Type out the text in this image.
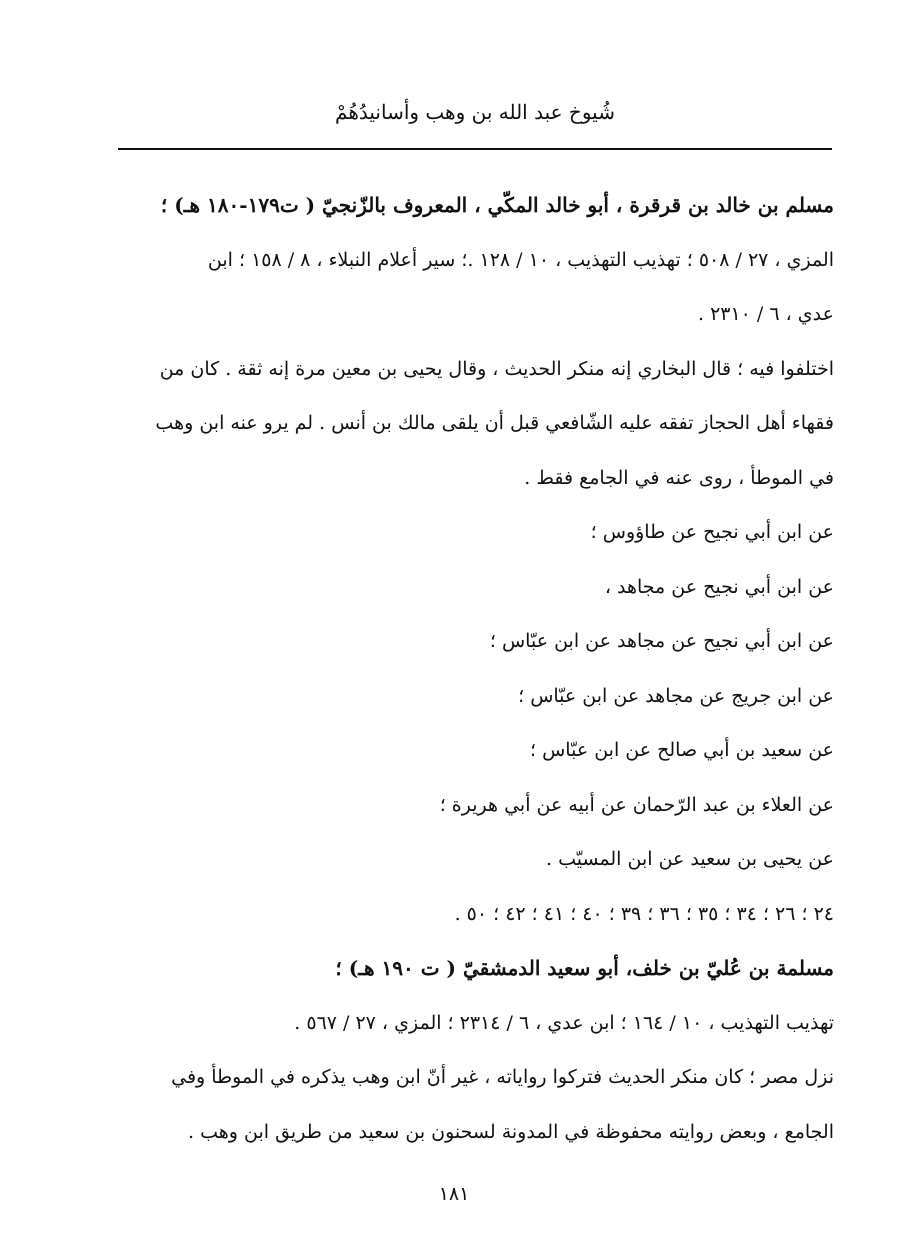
شُيوخ عبد الله بن وهب وأسانيدُهُمْ
مسلم بن خالد بن قرقرة ، أبو خالد المكّي ، المعروف بالزّنجيّ ( ت١٧٩-١٨٠ هـ) ؛
المزي ، ٢٧ / ٥٠٨ ؛ تهذيب التهذيب ، ١٠ / ١٢٨ .؛ سير أعلام النبلاء ، ٨ / ١٥٨ ؛ ابن
عدي ، ٦ / ٢٣١٠ .
اختلفوا فيه ؛ قال البخاري إنه منكر الحديث ، وقال يحيى بن معين مرة إنه ثقة . كان من
فقهاء أهل الحجاز تفقه عليه الشّافعي قبل أن يلقى مالك بن أنس . لم يرو عنه ابن وهب
في الموطأ ، روى عنه في الجامع فقط .
عن ابن أبي نجيح عن طاؤوس ؛
عن ابن أبي نجيح عن مجاهد ،
عن ابن أبي نجيح عن مجاهد عن ابن عبّاس ؛
عن ابن جريج عن مجاهد عن ابن عبّاس ؛
عن سعيد بن أبي صالح عن ابن عبّاس ؛
عن العلاء بن عبد الرّحمان عن أبيه عن أبي هريرة ؛
عن يحيى بن سعيد عن ابن المسيّب .
٢٤ ؛ ٢٦ ؛ ٣٤ ؛ ٣٥ ؛ ٣٦ ؛ ٣٩ ؛ ٤٠ ؛ ٤١ ؛ ٤٢ ؛ ٥٠ .
مسلمة بن عُليّ بن خلف، أبو سعيد الدمشقيّ ( ت ١٩٠ هـ) ؛
تهذيب التهذيب ، ١٠ / ١٦٤ ؛ ابن عدي ، ٦ / ٢٣١٤ ؛ المزي ، ٢٧ / ٥٦٧ .
نزل مصر ؛ كان منكر الحديث فتركوا رواياته ، غير أنّ ابن وهب يذكره في الموطأ وفي
الجامع ، وبعض روايته محفوظة في المدونة لسحنون بن سعيد من طريق ابن وهب .
١٨١
